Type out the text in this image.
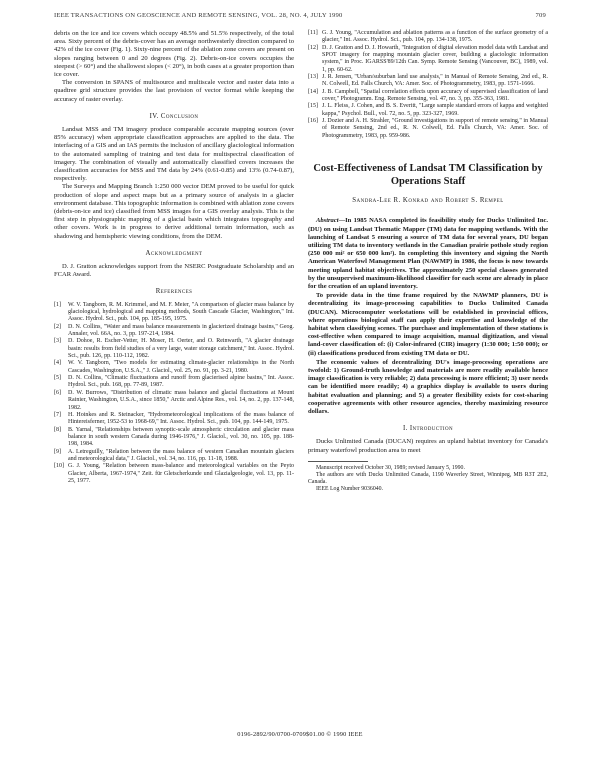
IEEE TRANSACTIONS ON GEOSCIENCE AND REMOTE SENSING, VOL. 28, NO. 4, JULY 1990	709

debris on the ice and ice covers which occupy 48.5% and 51.5% respectively, of the total area. Sixty percent of the debris-cover has an average northwesterly direction compared to 42% of the ice cover (Fig. 1). Sixty-nine percent of the ablation zone covers are present on slopes ranging between 0 and 20 degrees (Fig. 2). Debris-on-ice covers occupies the steepest (> 60°) and the shallowest slopes (< 20°), in both cases at a greater proportion than ice cover.

The conversion in SPANS of multisource and multiscale vector and raster data into a quadtree grid structure provides the last provision of vector format while keeping the accuracy of raster overlay.

IV. Conclusion

Landsat MSS and TM imagery produce comparable accurate mapping sources (over 85% accuracy) when appropriate classification approaches are applied to the data. The interfacing of a GIS and an IAS permits the inclusion of ancillary glaciological information to the automated sampling of training and test data for multispectral classification of imagery. The combination of visually and automatically classified covers increases the classification accuracies for MSS and TM data by 24% (0.61-0.85) and 13% (0.74-0.87), respectively.

The Surveys and Mapping Branch 1:250 000 vector DEM proved to be useful for quick production of slope and aspect maps but as a primary source of analysis in a glacier environment database. This topographic information is combined with ablation zone covers (debris-on-ice and ice) classified from MSS images for a GIS overlay analysis. This is the first step in physiographic mapping of a glacial basin which integrates topography and other covers. Work is in progress to derive additional terrain information, such as shadowing and hemispheric viewing conditions, from the DEM.

Acknowledgment

D. J. Gratton acknowledges support from the NSERC Postgraduate Scholarship and an FCAR Award.

References
[1] W. V. Tangborn, R. M. Krimmel, and M. F. Meier, "A comparison of glacier mass balance by glaciological, hydrological and mapping methods, South Cascade Glacier, Washington," Int. Assoc. Hydrol. Sci., pub. 104, pp. 185-195, 1975.
[2] D. N. Collins, "Water and mass balance measurements in glacierized drainage basins," Geog. Annaler, vol. 66A, no. 3, pp. 197-214, 1984.
[3] D. Dohoe, R. Escher-Vetter, H. Moser, H. Oerter, and O. Reinwarth, "A glacier drainage basin: results from field studies of a very large, water storage catchment," Int. Assoc. Hydrol. Sci., pub. 126, pp. 110-112, 1982.
[4] W. V. Tangborn, "Two models for estimating climate-glacier relationships in the North Cascades, Washington, U.S.A.," J. Glaciol., vol. 25, no. 91, pp. 3-21, 1980.
[5] D. N. Collins, "Climatic fluctuations and runoff from glacierised alpine basins," Int. Assoc. Hydrol. Sci., pub. 168, pp. 77-89, 1987.
[6] D. W. Burrows, "Distribution of climatic mass balance and glacial fluctuations at Mount Rainier, Washington, U.S.A., since 1850," Arctic and Alpine Res., vol. 14, no. 2, pp. 137-148, 1982.
[7] H. Hoinkes and R. Steinacker, "Hydrometeorological implications of the mass balance of Hintereisferner, 1952-53 to 1968-69," Int. Assoc. Hydrol. Sci., pub. 104, pp. 144-149, 1975.
[8] B. Yarnal, "Relationships between synoptic-scale atmospheric circulation and glacier mass balance in south western Canada during 1946-1976," J. Glaciol., vol. 30, no. 105, pp. 188-198, 1984.
[9] A. Letreguilly, "Relation between the mass balance of western Canadian mountain glaciers and meteorological data," J. Glaciol., vol. 34, no. 116, pp. 11-18, 1988.
[10] G. J. Young, "Relation between mass-balance and meteorological variables on the Peyto Glacier, Alberta, 1967-1974," Zeit. für Gletscherkunde und Glazialgeologie, vol. 13, pp. 11-25, 1977.
[11] G. J. Young, "Accumulation and ablation patterns as a function of the surface geometry of a glacier," Int. Assoc. Hydrol. Sci., pub. 104, pp. 134-138, 1975.
[12] D. J. Gratton and D. J. Howarth, "Integration of digital elevation model data with Landsat and SPOT imagery for mapping mountain glacier cover, building a glaciologic information system," in Proc. IGARSS'89/12th Can. Symp. Remote Sensing (Vancouver, BC), 1989, vol. 1, pp. 60-62.
[13] J. R. Jensen, "Urban/suburban land use analysis," in Manual of Remote Sensing, 2nd ed., R. N. Colwell, Ed. Falls Church, VA: Amer. Soc. of Photogrammetry, 1983, pp. 1571-1666.
[14] J. B. Campbell, "Spatial correlation effects upon accuracy of supervised classification of land cover," Photogramm. Eng. Remote Sensing, vol. 47, no. 3, pp. 355-363, 1981.
[15] J. L. Fleiss, J. Cohen, and B. S. Everitt, "Large sample standard errors of kappa and weighted kappa," Psychol. Bull., vol. 72, no. 5, pp. 323-327, 1969.
[16] J. Dozier and A. H. Strahler, "Ground investigations in support of remote sensing," in Manual of Remote Sensing, 2nd ed., R. N. Colwell, Ed. Falls Church, VA: Amer. Soc. of Photogrammetry, 1983, pp. 959-986.
Cost-Effectiveness of Landsat TM Classification by Operations Staff
Sandra-Lee R. Konrad and Robert S. Rempel

Abstract—In 1985 NASA completed its feasibility study for Ducks Unlimited Inc. (DU) on using Landsat Thematic Mapper (TM) data for mapping wetlands. With the launching of Landsat 5 ensuring a source of TM data for several years, DU began utilizing TM data to inventory wetlands in the Canadian prairie pothole study region (250 000 mi² or 650 000 km²). In completing this inventory and signing the North American Waterfowl Management Plan (NAWMP) in 1986, the focus is now towards meeting upland habitat objectives. The approximately 250 special classes generated by the unsupervised maximum-likelihood classifier for each scene are already in place for the creation of an upland inventory.

To provide data in the time frame required by the NAWMP planners, DU is decentralizing its image-processing capabilities to Ducks Unlimited Canada (DUCAN). Microcomputer workstations will be established in provincial offices, where operations biological staff can apply their expertise and knowledge of the habitat when classifying scenes. The purchase and implementation of these stations is cost-effective when compared to image acquisition, manual digitization, and visual land-cover classification of: (i) Color-infrared (CIR) imagery (1:30 000; 1:50 000); or (ii) classifications produced from existing TM data or DU.

The economic values of decentralizing DU's image-processing operations are twofold: 1) Ground-truth knowledge and materials are more readily available hence image classification is very reliable; 2) data processing is more efficient; 3) user needs can be identified more readily; 4) a graphics display is available to users during habitat evaluation and planning; and 5) a greater flexibility exists for cost-sharing cooperative agreements with other resource agencies, thereby maximizing resource dollars.

I. Introduction

Ducks Unlimited Canada (DUCAN) requires an upland habitat inventory for Canada's primary waterfowl production area to meet

Manuscript received October 30, 1989; revised January 5, 1990.

The authors are with Ducks Unlimited Canada, 1190 Waverley Street, Winnipeg, MB R3T 2E2, Canada.

IEEE Log Number 9036040.

0196-2892/90/0700-0709$01.00 © 1990 IEEE
